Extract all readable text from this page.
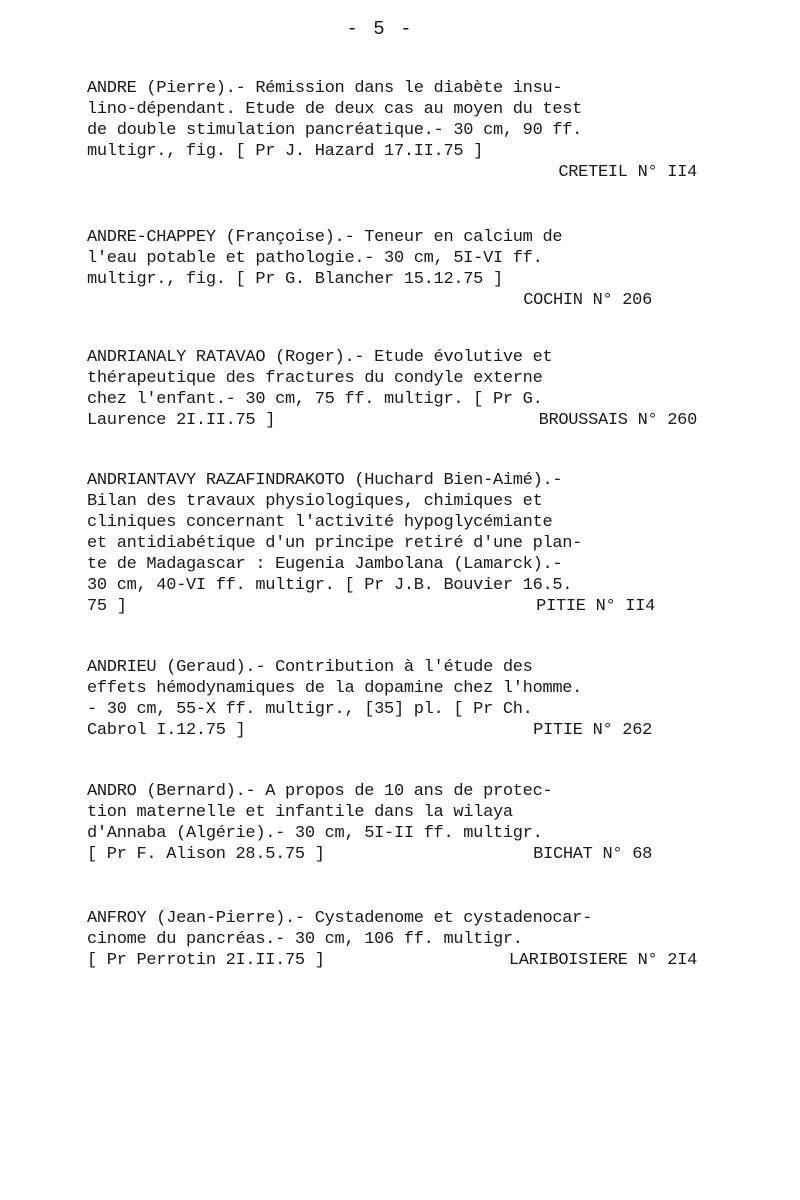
- 5 -
ANDRE (Pierre).- Rémission dans le diabète insu-
lino-dépendant. Etude de deux cas au moyen du test
de double stimulation pancréatique.- 30 cm, 90 ff.
multigr., fig. [ Pr J. Hazard 17.II.75 ]
CRETEIL N° II4
ANDRE-CHAPPEY (Françoise).- Teneur en calcium de
l'eau potable et pathologie.- 30 cm, 5I-VI ff.
multigr., fig. [ Pr G. Blancher 15.12.75 ]
COCHIN N° 206
ANDRIANALY RATAVAO (Roger).- Etude évolutive et
thérapeutique des fractures du condyle externe
chez l'enfant.- 30 cm, 75 ff. multigr. [ Pr G.
Laurence 2I.II.75 ]	BROUSSAIS N° 260
ANDRIANTAVY RAZAFINDRAKOTO (Huchard Bien-Aimé).-
Bilan des travaux physiologiques, chimiques et
cliniques concernant l'activité hypoglycémiante
et antidiabétique d'un principe retiré d'une plan-
te de Madagascar : Eugenia Jambolana (Lamarck).-
30 cm, 40-VI ff. multigr. [ Pr J.B. Bouvier 16.5.
75 ]	PITIE N° II4
ANDRIEU (Geraud).- Contribution à l'étude des
effets hémodynamiques de la dopamine chez l'homme.
- 30 cm, 55-X ff. multigr., [35] pl. [ Pr Ch.
Cabrol I.12.75 ]	PITIE N° 262
ANDRO (Bernard).- A propos de 10 ans de protec-
tion maternelle et infantile dans la wilaya
d'Annaba (Algérie).- 30 cm, 5I-II ff. multigr.
[ Pr F. Alison 28.5.75 ]	BICHAT N° 68
ANFROY (Jean-Pierre).- Cystadenome et cystadenocar-
cinome du pancréas.- 30 cm, 106 ff. multigr.
[ Pr Perrotin 2I.II.75 ]	LARIBOISIERE N° 2I4
